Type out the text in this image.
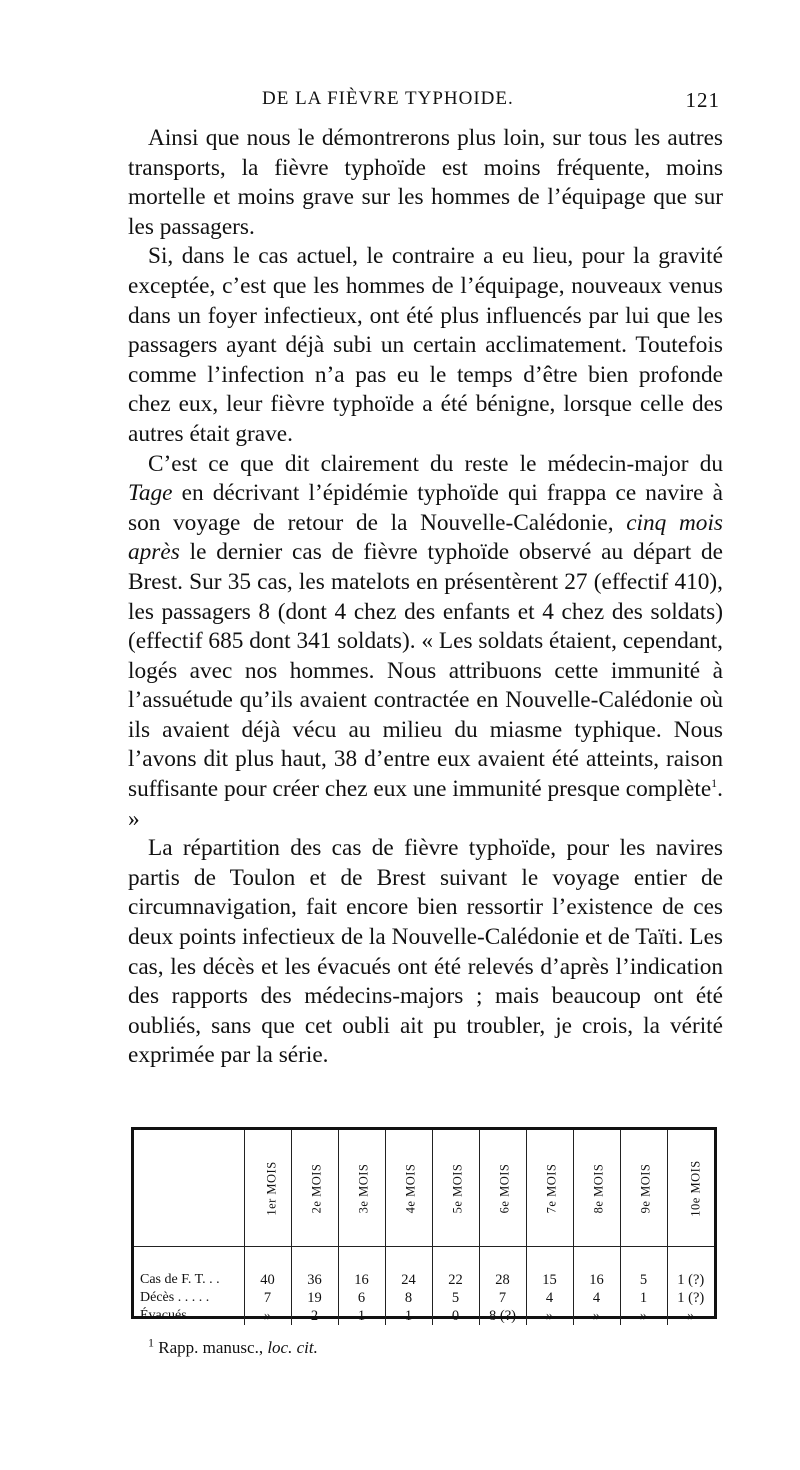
DE LA FIÈVRE TYPHOIDE.	121

Ainsi que nous le démontrerons plus loin, sur tous les autres transports, la fièvre typhoïde est moins fréquente, moins mortelle et moins grave sur les hommes de l’équipage que sur les passagers.

Si, dans le cas actuel, le contraire a eu lieu, pour la gravité exceptée, c’est que les hommes de l’équipage, nouveaux venus dans un foyer infectieux, ont été plus influencés par lui que les passagers ayant déjà subi un certain acclimatement. Toutefois comme l’infection n’a pas eu le temps d’être bien profonde chez eux, leur fièvre typhoïde a été bénigne, lorsque celle des autres était grave.

C’est ce que dit clairement du reste le médecin-major du Tage en décrivant l’épidémie typhoïde qui frappa ce navire à son voyage de retour de la Nouvelle-Calédonie, cinq mois après le dernier cas de fièvre typhoïde observé au départ de Brest. Sur 35 cas, les matelots en présentèrent 27 (effectif 410), les passagers 8 (dont 4 chez des enfants et 4 chez des soldats) (effectif 685 dont 341 soldats). « Les soldats étaient, cependant, logés avec nos hommes. Nous attribuons cette immunité à l’assuétude qu’ils avaient contractée en Nouvelle-Calédonie où ils avaient déjà vécu au milieu du miasme typhique. Nous l’avons dit plus haut, 38 d’entre eux avaient été atteints, raison suffisante pour créer chez eux une immunité presque complète$^1$. »

La répartition des cas de fièvre typhoïde, pour les navires partis de Toulon et de Brest suivant le voyage entier de circumnavigation, fait encore bien ressortir l’existence de ces deux points infectieux de la Nouvelle-Calédonie et de Taïti. Les cas, les décès et les évacués ont été relevés d’après l’indication des rapports des médecins-majors ; mais beaucoup ont été oubliés, sans que cet oubli ait pu troubler, je crois, la vérité exprimée par la série.

	1er MOIS	2e MOIS	3e MOIS	4e MOIS	5e MOIS	6e MOIS	7e MOIS	8e MOIS	9e MOIS	10e MOIS
Cas de F. T. . .	40	36	16	24	22	28	15	16	5	1 (?)
Décès . . . . .	7	19	6	8	5	7	4	4	1	1 (?)
Évacués . . . .	»	2	1	1	0	8 (?)	»	»	»	»

$^1$ Rapp. manusc., loc. cit.
